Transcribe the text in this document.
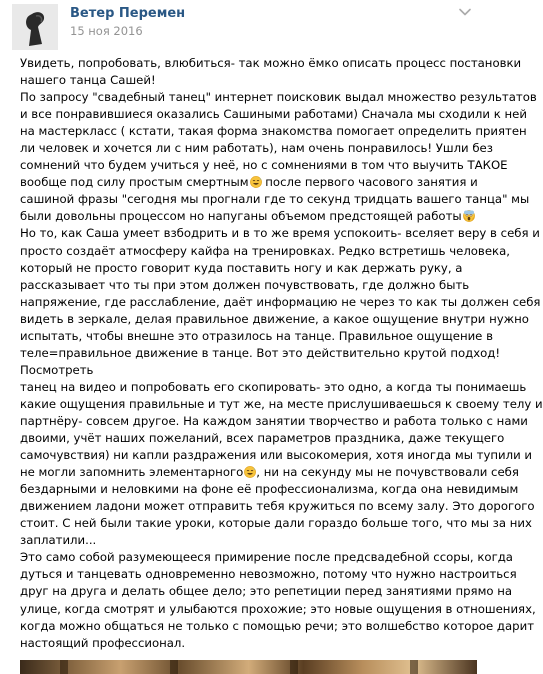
Ветер Перемен
15 ноя 2016
Увидеть, попробовать, влюбиться- так можно ёмко описать процесс постановки
нашего танца Сашей!
По запросу "свадебный танец" интернет поисковик выдал множество результатов
и все понравившиеся оказались Сашиными работами) Сначала мы сходили к ней
на мастеркласс ( кстати, такая форма знакомства помогает определить приятен
ли человек и хочется ли с ним работать), нам очень понравилось! Ушли без
сомнений что будем учиться у неё, но с сомнениями в том что выучить ТАКОЕ
вообще под силу простым смертным
после первого часового занятия и
сашиной фразы "сегодня мы прогнали где то секунд тридцать вашего танца" мы
были довольны процессом но напуганы объемом предстоящей работы
Но то, как Саша умеет взбодрить и в то же время успокоить- вселяет веру в себя и
просто создаёт атмосферу кайфа на тренировках. Редко встретишь человека,
который не просто говорит куда поставить ногу и как держать руку, а
рассказывает что ты при этом должен почувствовать, где должно быть
напряжение, где расслабление, даёт информацию не через то как ты должен себя
видеть в зеркале, делая правильное движение, а какое ощущение внутри нужно
испытать, чтобы внешне это отразилось на танце. Правильное ощущение в
теле=правильное движение в танце. Вот это действительно крутой подход!
Посмотреть
танец на видео и попробовать его скопировать- это одно, а когда ты понимаешь
какие ощущения правильные и тут же, на месте прислушиваешься к своему телу и
партнёру- совсем другое. На каждом занятии творчество и работа только с нами
двоими, учёт наших пожеланий, всех параметров праздника, даже текущего
самочувствия) ни капли раздражения или высокомерия, хотя иногда мы тупили и
не могли запомнить элементарного , ни на секунду мы не почувствовали себя
бездарными и неловкими на фоне её профессионализма, когда она невидимым
движением ладони может отправить тебя кружиться по всему залу. Это дорогого
стоит. С ней были такие уроки, которые дали гораздо больше того, что мы за них
заплатили...
Это само собой разумеющееся примирение после предсвадебной ссоры, когда
дуться и танцевать одновременно невозможно, потому что нужно настроиться
друг на друга и делать общее дело; это репетиции перед занятиями прямо на
улице, когда смотрят и улыбаются прохожие; это новые ощущения в отношениях,
когда можно общаться не только с помощью речи; это волшебство которое дарит
настоящий профессионал.
